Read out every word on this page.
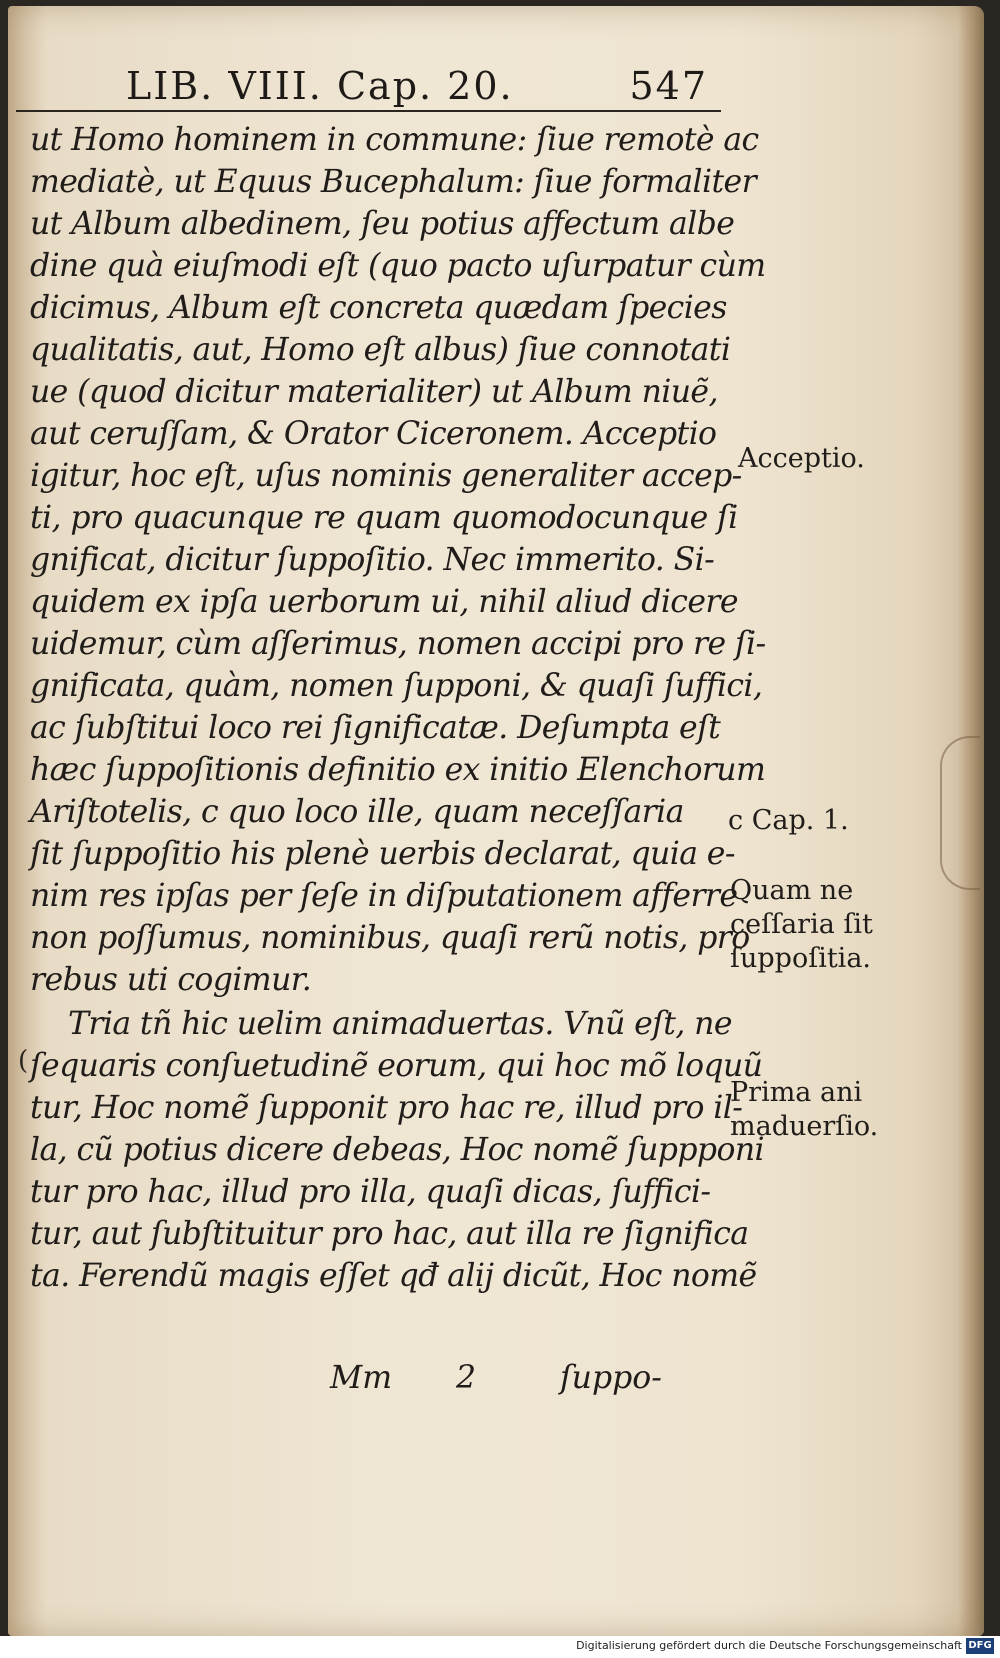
LIB. VIII. Cap. 20.	547
ut Homo hominem in commune: ſiue remotè ac
mediatè, ut Equus Bucephalum: ſiue formaliter
ut Album albedinem, ſeu potius affectum albe
dine quà eiuſmodi eſt (quo pacto uſurpatur cùm
dicimus, Album eſt concreta quædam ſpecies
qualitatis, aut, Homo eſt albus) ſiue connotati
ue (quod dicitur materialiter) ut Album niuẽ,
aut ceruſſam, & Orator Ciceronem. Acceptio
igitur, hoc eſt, uſus nominis generaliter accep-
ti, pro quacunque re quam quomodocunque ſi
gnificat, dicitur ſuppoſitio. Nec immerito. Si-
quidem ex ipſa uerborum ui, nihil aliud dicere
uidemur, cùm aſſerimus, nomen accipi pro re ſi-
gnificata, quàm, nomen ſupponi, & quaſi ſuffici,
ac ſubſtitui loco rei ſignificatæ. Deſumpta eſt
hæc ſuppoſitionis definitio ex initio Elenchorum
Ariſtotelis, c quo loco ille, quam neceſſaria
ſit ſuppoſitio his plenè uerbis declarat, quia e-
nim res ipſas per ſeſe in diſputationem afferre
non poſſumus, nominibus, quaſi rerũ notis, pro
rebus uti cogimur.
Tria tñ hic uelim animaduertas. Vnũ eſt, ne
ſequaris conſuetudinẽ eorum, qui hoc mõ loquũ
tur, Hoc nomẽ ſupponit pro hac re, illud pro il-
la, cũ potius dicere debeas, Hoc nomẽ ſuppponi
tur pro hac, illud pro illa, quaſi dicas, ſuffici-
tur, aut ſubſtituitur pro hac, aut illa re ſignifica
ta. Ferendũ magis eſſet qđ alij dicũt, Hoc nomẽ
(
Mm 2	ſuppo-
Acceptio.
c Cap. 1.
Quam ne
ceſſaria ſit
ſuppoſitia.
Prima ani
maduerſio.
Digitalisierung gefördert durch die Deutsche Forschungsgemeinschaft DFG
